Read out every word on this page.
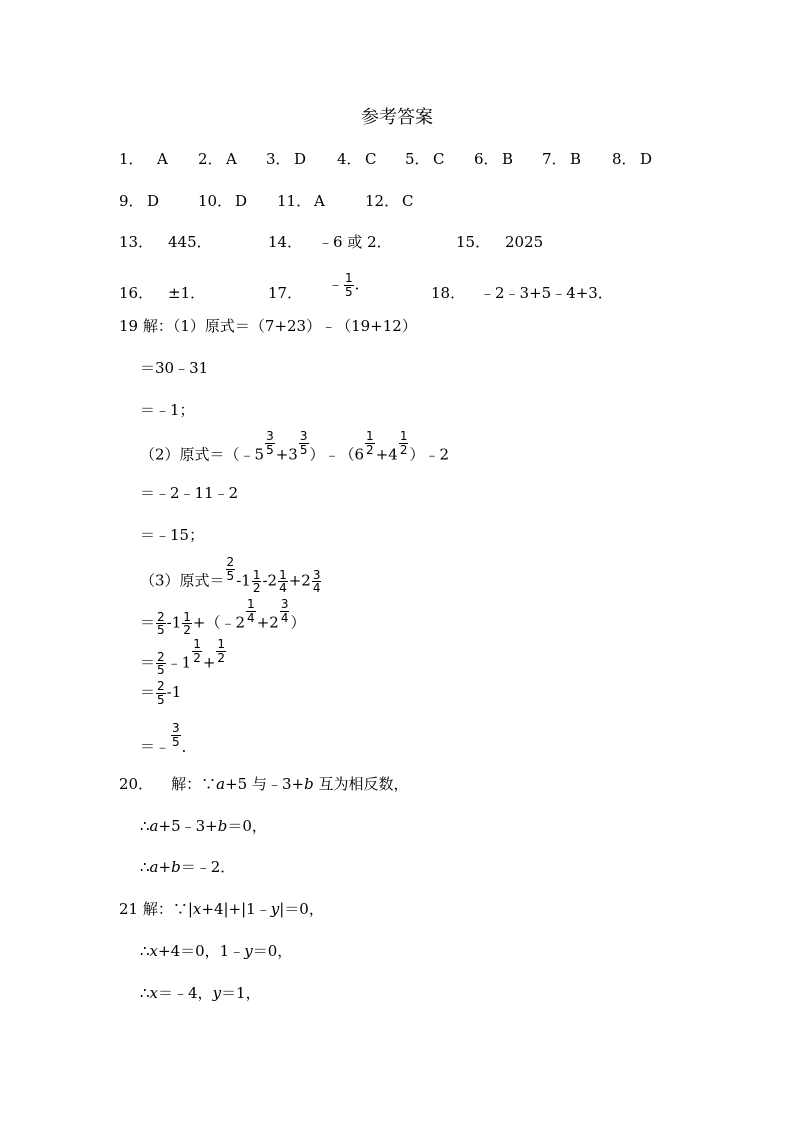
参考答案
1． A 2． A 3． D 4． C 5． C 6． B 7． B 8． D
9． D	10． D 11． A	12． C
13． 445．	14． ﹣6 或 2．	15． 2025
16． ±1．	17． ﹣ $\frac{1}{5}$ ．	18． ﹣2﹣3+5﹣4+3．
19 解：（1）原式＝（7+23）﹣（19+12）
＝30﹣31
＝﹣1；
（2）原式＝（﹣5 $\frac{3}{5} +3 \frac{3}{5}$ ）﹣（6 $\frac{1}{2} +4 \frac{1}{2}$ ）﹣2
＝﹣2﹣11﹣2
＝﹣15；
（3）原式＝ $\frac{2}{5} -1 \frac{1}{2} -2 \frac{1}{4} +2 \frac{3}{4}$
＝ $\frac{2}{5} -1 \frac{1}{2}$ +（﹣2 $\frac{1}{4} +2 \frac{3}{4}$ ）
＝ $\frac{2}{5}$ ﹣1 $\frac{1}{2} + \frac{1}{2}$
＝ $\frac{2}{5} -1$
＝﹣ $\frac{3}{5}$ ．
20． 解：∵a+5 与﹣3+b 互为相反数，
∴a+5﹣3+b＝0，
∴a+b＝﹣2．
21 解：∵|x+4|+|1﹣y|＝0，
∴x+4＝0，1﹣y＝0，
∴x＝﹣4，y＝1，
